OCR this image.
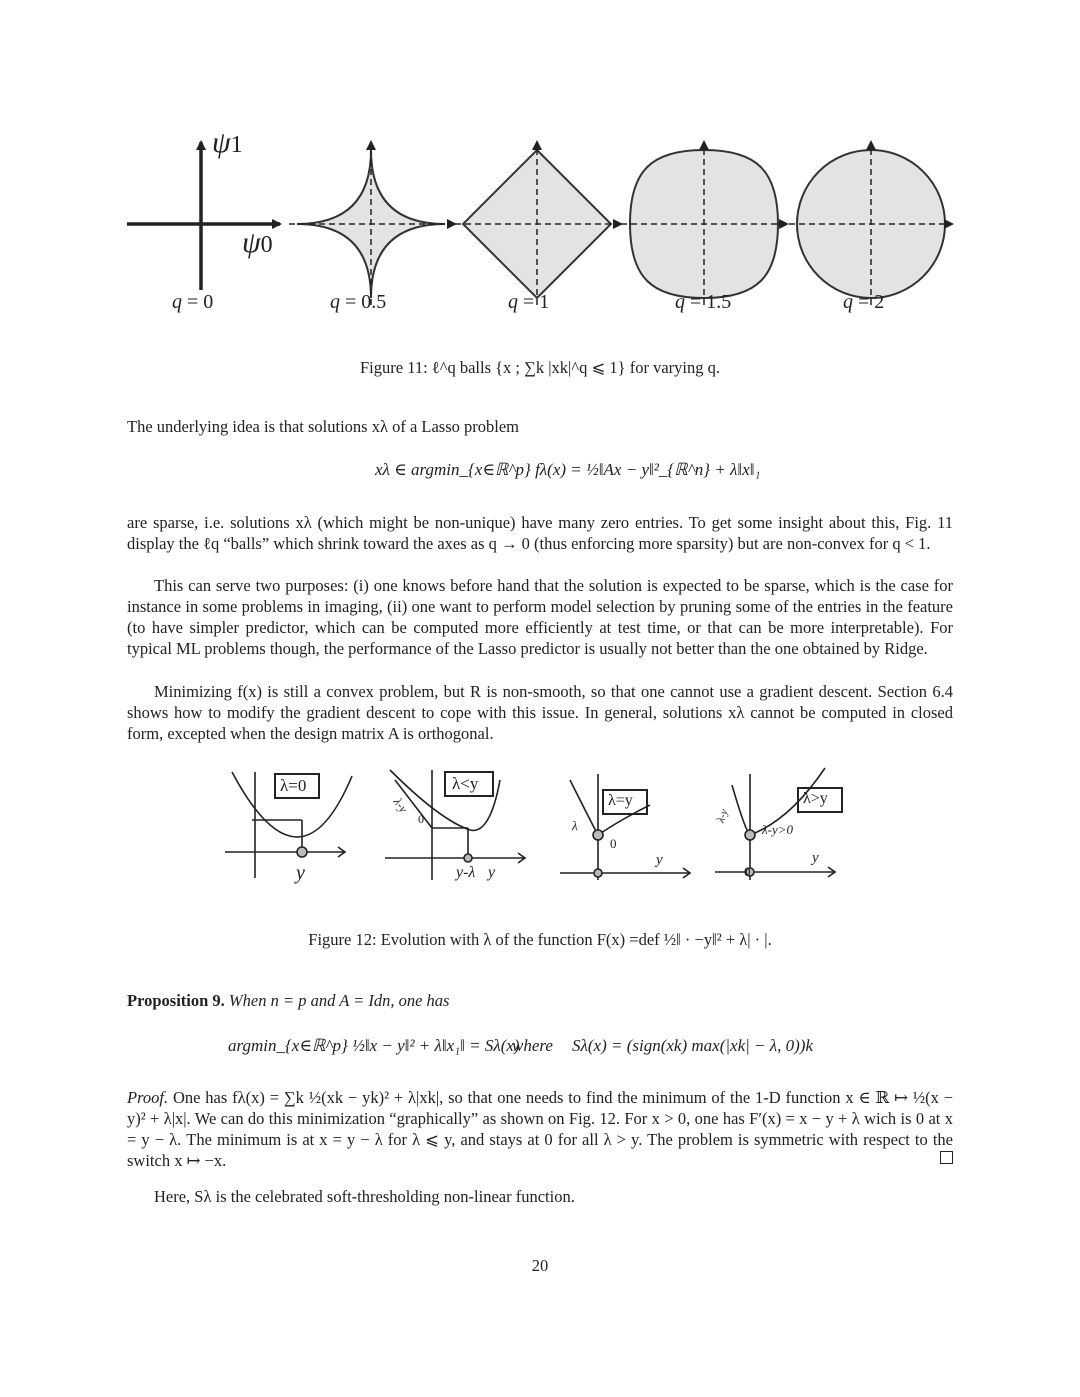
ψ1
ψ0
q = 0	q = 0.5	q = 1	q = 1.5	q = 2
Figure 11: ℓ^q balls {x ; ∑k |xk|^q ⩽ 1} for varying q.
The underlying idea is that solutions xλ of a Lasso problem
xλ ∈ argmin_{x∈ℝ^p} fλ(x) = ½‖Ax − y‖²_{ℝ^n} + λ‖x‖₁
are sparse, i.e. solutions xλ (which might be non-unique) have many zero entries. To get some insight about this, Fig. 11 display the ℓq “balls” which shrink toward the axes as q → 0 (thus enforcing more sparsity) but are non-convex for q < 1.
This can serve two purposes: (i) one knows before hand that the solution is expected to be sparse, which is the case for instance in some problems in imaging, (ii) one want to perform model selection by pruning some of the entries in the feature (to have simpler predictor, which can be computed more efficiently at test time, or that can be more interpretable). For typical ML problems though, the performance of the Lasso predictor is usually not better than the one obtained by Ridge.
Minimizing f(x) is still a convex problem, but R is non-smooth, so that one cannot use a gradient descent. Section 6.4 shows how to modify the gradient descent to cope with this issue. In general, solutions xλ cannot be computed in closed form, excepted when the design matrix A is orthogonal.
λ=0
y
λ<y
y-λ y
λ-y
0
λ=y
λ
0
y
λ>y
λ-y
λ-y>0
y
0
Figure 12: Evolution with λ of the function F(x) =def ½‖ · −y‖² + λ| · |.
Proposition 9. When n = p and A = Idn, one has
argmin_{x∈ℝ^p} ½‖x − y‖² + λ‖x₁‖ = Sλ(x)
where Sλ(x) = (sign(xk) max(|xk| − λ, 0))k
Proof. One has fλ(x) = ∑k ½(xk − yk)² + λ|xk|, so that one needs to find the minimum of the 1-D function x ∈ ℝ ↦ ½(x − y)² + λ|x|. We can do this minimization “graphically” as shown on Fig. 12. For x > 0, one has F′(x) = x − y + λ wich is 0 at x = y − λ. The minimum is at x = y − λ for λ ⩽ y, and stays at 0 for all λ > y. The problem is symmetric with respect to the switch x ↦ −x.
Here, Sλ is the celebrated soft-thresholding non-linear function.
20
